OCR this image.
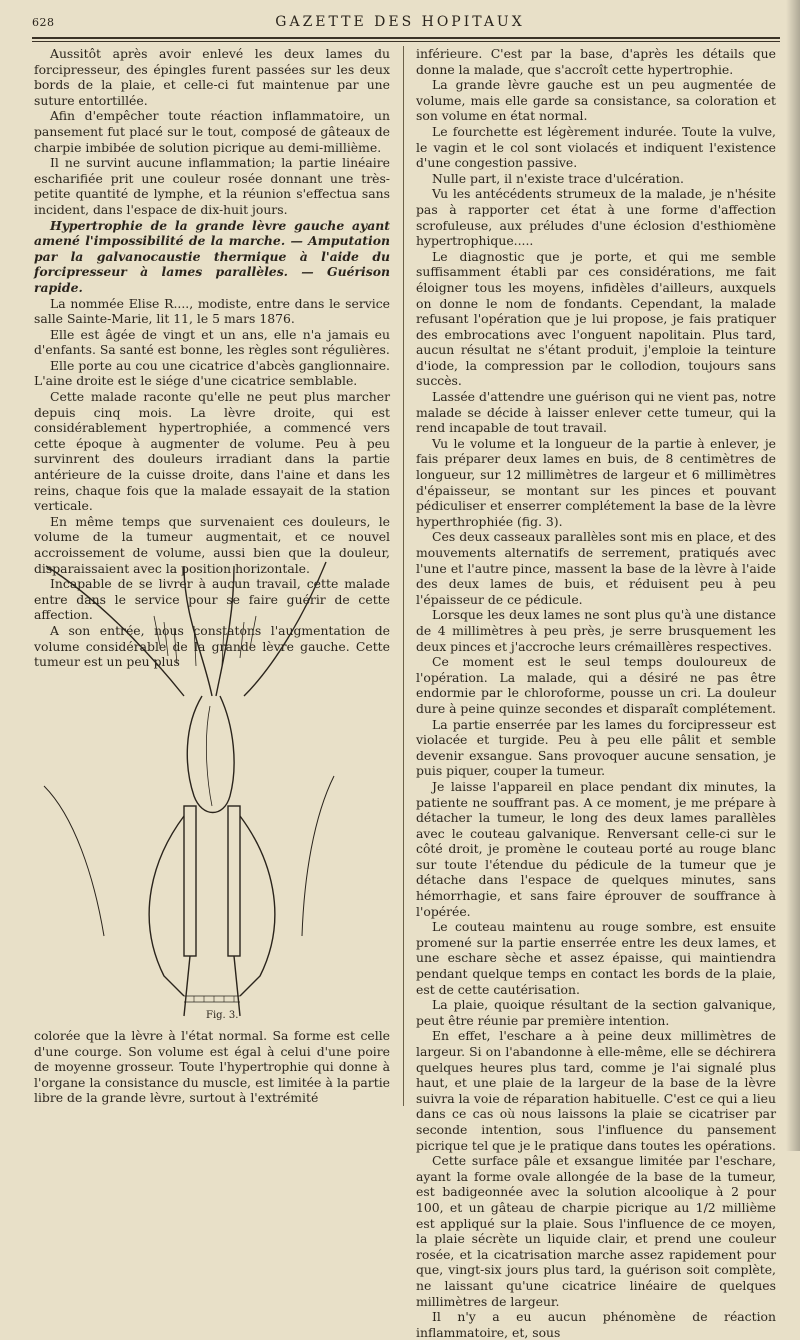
628	GAZETTE DES HOPITAUX

Aussitôt après avoir enlevé les deux lames du forcipresseur, des épingles furent passées sur les deux bords de la plaie, et celle-ci fut maintenue par une suture entortillée.

Afin d'empêcher toute réaction inflammatoire, un pansement fut placé sur le tout, composé de gâteaux de charpie imbibée de solution picrique au demi-millième.

Il ne survint aucune inflammation; la partie linéaire escharifiée prit une couleur rosée donnant une très-petite quantité de lymphe, et la réunion s'effectua sans incident, dans l'espace de dix-huit jours.

Hypertrophie de la grande lèvre gauche ayant amené l'impossibilité de la marche. — Amputation par la galvanocaustie thermique à l'aide du forcipresseur à lames parallèles. — Guérison rapide.

La nommée Elise R...., modiste, entre dans le service salle Sainte-Marie, lit 11, le 5 mars 1876.

Elle est âgée de vingt et un ans, elle n'a jamais eu d'enfants. Sa santé est bonne, les règles sont régulières.

Elle porte au cou une cicatrice d'abcès ganglionnaire. L'aine droite est le siége d'une cicatrice semblable.

Cette malade raconte qu'elle ne peut plus marcher depuis cinq mois. La lèvre droite, qui est considérablement hypertrophiée, a commencé vers cette époque à augmenter de volume. Peu à peu survinrent des douleurs irradiant dans la partie antérieure de la cuisse droite, dans l'aine et dans les reins, chaque fois que la malade essayait de la station verticale.

En même temps que survenaient ces douleurs, le volume de la tumeur augmentait, et ce nouvel accroissement de volume, aussi bien que la douleur, disparaissaient avec la position horizontale.

Incapable de se livrer à aucun travail, cette malade entre dans le service pour se faire guérir de cette affection.

A son entrée, nous constatons l'augmentation de volume considérable de la grande lèvre gauche. Cette tumeur est un peu plus

Fig. 3.

colorée que la lèvre à l'état normal. Sa forme est celle d'une courge. Son volume est égal à celui d'une poire de moyenne grosseur. Toute l'hypertrophie qui donne à l'organe la consistance du muscle, est limitée à la partie libre de la grande lèvre, surtout à l'extrémité

inférieure. C'est par la base, d'après les détails que donne la malade, que s'accroît cette hypertrophie.

La grande lèvre gauche est un peu augmentée de volume, mais elle garde sa consistance, sa coloration et son volume en état normal.

Le fourchette est légèrement indurée. Toute la vulve, le vagin et le col sont violacés et indiquent l'existence d'une congestion passive.

Nulle part, il n'existe trace d'ulcération.

Vu les antécédents strumeux de la malade, je n'hésite pas à rapporter cet état à une forme d'affection scrofuleuse, aux préludes d'une éclosion d'esthiomène hypertrophique.....

Le diagnostic que je porte, et qui me semble suffisamment établi par ces considérations, me fait éloigner tous les moyens, infidèles d'ailleurs, auxquels on donne le nom de fondants. Cependant, la malade refusant l'opération que je lui propose, je fais pratiquer des embrocations avec l'onguent napolitain. Plus tard, aucun résultat ne s'étant produit, j'emploie la teinture d'iode, la compression par le collodion, toujours sans succès.

Lassée d'attendre une guérison qui ne vient pas, notre malade se décide à laisser enlever cette tumeur, qui la rend incapable de tout travail.

Vu le volume et la longueur de la partie à enlever, je fais préparer deux lames en buis, de 8 centimètres de longueur, sur 12 millimètres de largeur et 6 millimètres d'épaisseur, se montant sur les pinces et pouvant pédiculiser et enserrer complétement la base de la lèvre hyperthrophiée (fig. 3).

Ces deux casseaux parallèles sont mis en place, et des mouvements alternatifs de serrement, pratiqués avec l'une et l'autre pince, massent la base de la lèvre à l'aide des deux lames de buis, et réduisent peu à peu l'épaisseur de ce pédicule.

Lorsque les deux lames ne sont plus qu'à une distance de 4 millimètres à peu près, je serre brusquement les deux pinces et j'accroche leurs crémaillères respectives.

Ce moment est le seul temps douloureux de l'opération. La malade, qui a désiré ne pas être endormie par le chloroforme, pousse un cri. La douleur dure à peine quinze secondes et disparaît complétement.

La partie enserrée par les lames du forcipresseur est violacée et turgide. Peu à peu elle pâlit et semble devenir exsangue. Sans provoquer aucune sensation, je puis piquer, couper la tumeur.

Je laisse l'appareil en place pendant dix minutes, la patiente ne souffrant pas. A ce moment, je me prépare à détacher la tumeur, le long des deux lames parallèles avec le couteau galvanique. Renversant celle-ci sur le côté droit, je promène le couteau porté au rouge blanc sur toute l'étendue du pédicule de la tumeur que je détache dans l'espace de quelques minutes, sans hémorrhagie, et sans faire éprouver de souffrance à l'opérée.

Le couteau maintenu au rouge sombre, est ensuite promené sur la partie enserrée entre les deux lames, et une eschare sèche et assez épaisse, qui maintiendra pendant quelque temps en contact les bords de la plaie, est de cette cautérisation.

La plaie, quoique résultant de la section galvanique, peut être réunie par première intention.

En effet, l'eschare a à peine deux millimètres de largeur. Si on l'abandonne à elle-même, elle se déchirera quelques heures plus tard, comme je l'ai signalé plus haut, et une plaie de la largeur de la base de la lèvre suivra la voie de réparation habituelle. C'est ce qui a lieu dans ce cas où nous laissons la plaie se cicatriser par seconde intention, sous l'influence du pansement picrique tel que je le pratique dans toutes les opérations.

Cette surface pâle et exsangue limitée par l'eschare, ayant la forme ovale allongée de la base de la tumeur, est badigeonnée avec la solution alcoolique à 2 pour 100, et un gâteau de charpie picrique au 1/2 millième est appliqué sur la plaie. Sous l'influence de ce moyen, la plaie sécrète un liquide clair, et prend une couleur rosée, et la cicatrisation marche assez rapidement pour que, vingt-six jours plus tard, la guérison soit complète, ne laissant qu'une cicatrice linéaire de quelques millimètres de largeur.

Il n'y a eu aucun phénomène de réaction inflammatoire, et, sous
